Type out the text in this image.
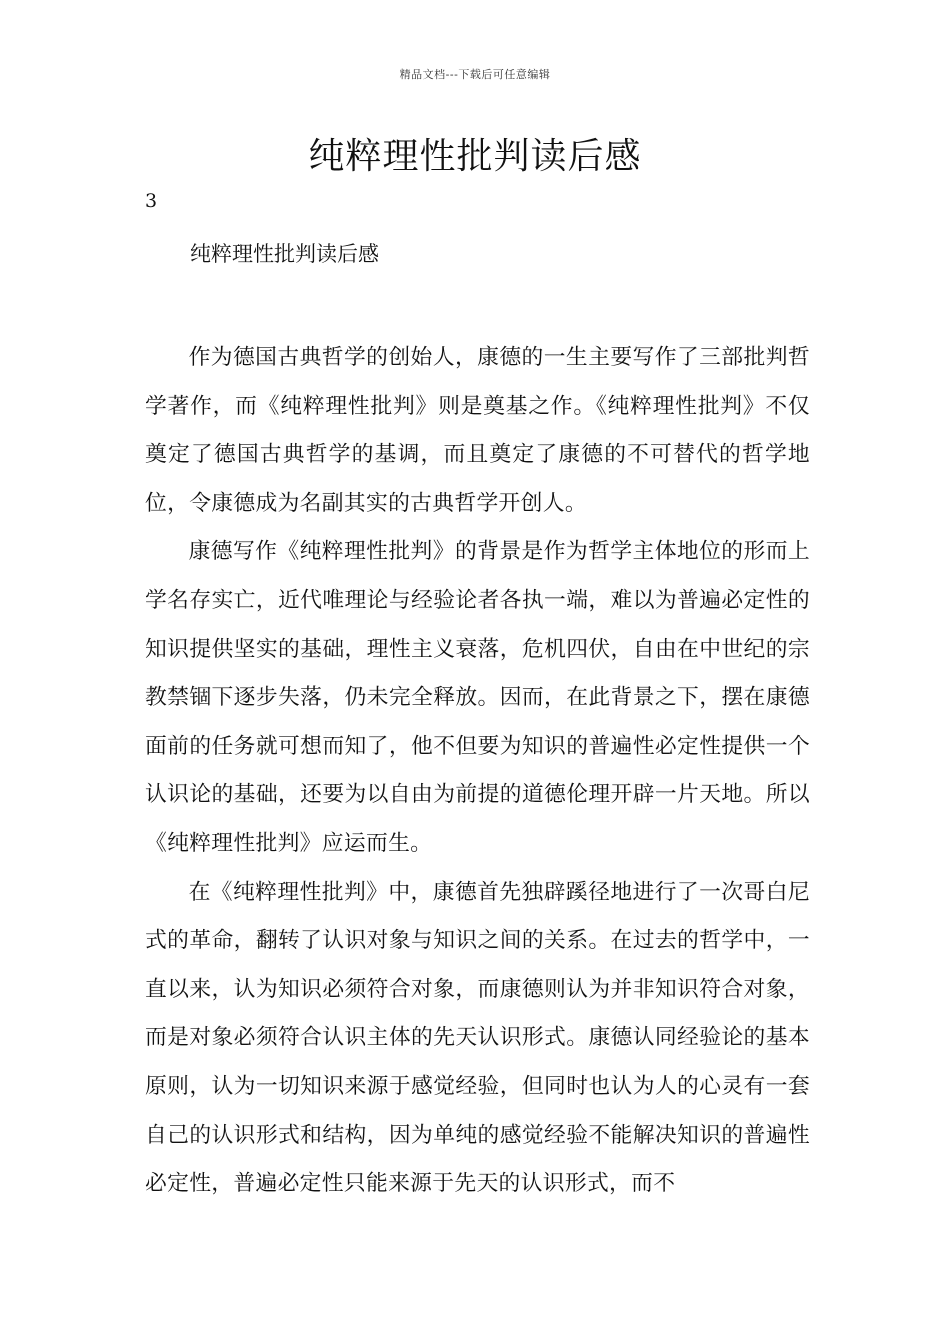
精品文档---下载后可任意编辑
纯粹理性批判读后感
3
纯粹理性批判读后感

作为德国古典哲学的创始人，康德的一生主要写作了三部批判哲学著作，而《纯粹理性批判》则是奠基之作。《纯粹理性批判》不仅奠定了德国古典哲学的基调，而且奠定了康德的不可替代的哲学地位，令康德成为名副其实的古典哲学开创人。

康德写作《纯粹理性批判》的背景是作为哲学主体地位的形而上学名存实亡，近代唯理论与经验论者各执一端，难以为普遍必定性的知识提供坚实的基础，理性主义衰落，危机四伏，自由在中世纪的宗教禁锢下逐步失落，仍未完全释放。因而，在此背景之下，摆在康德面前的任务就可想而知了，他不但要为知识的普遍性必定性提供一个认识论的基础，还要为以自由为前提的道德伦理开辟一片天地。所以《纯粹理性批判》应运而生。

在《纯粹理性批判》中，康德首先独辟蹊径地进行了一次哥白尼式的革命，翻转了认识对象与知识之间的关系。在过去的哲学中，一直以来，认为知识必须符合对象，而康德则认为并非知识符合对象，而是对象必须符合认识主体的先天认识形式。康德认同经验论的基本原则，认为一切知识来源于感觉经验，但同时也认为人的心灵有一套自己的认识形式和结构，因为单纯的感觉经验不能解决知识的普遍性必定性，普遍必定性只能来源于先天的认识形式，而不
